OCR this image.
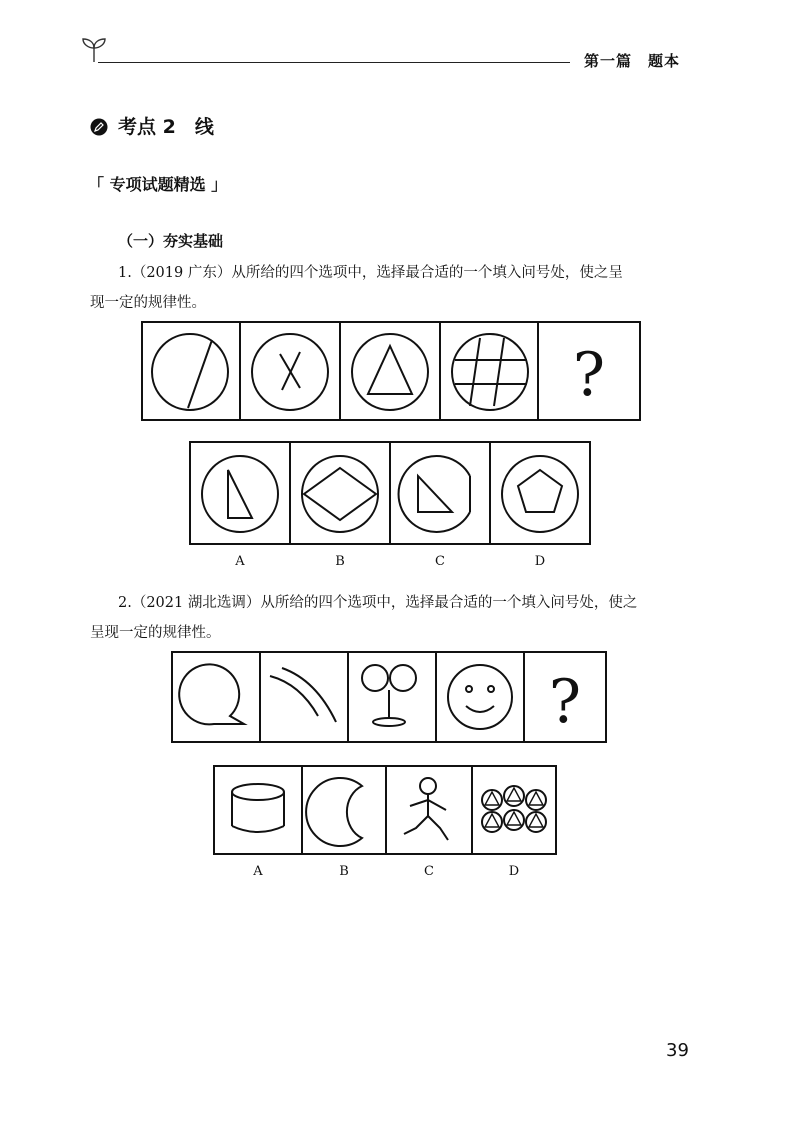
第一篇　题本
考点 2　线
「 专项试题精选 」
（一）夯实基础
1.（2019 广东）从所给的四个选项中，选择最合适的一个填入问号处，使之呈
现一定的规律性。
?
?
A	B	C	D
A	B	C	D
2.（2021 湖北选调）从所给的四个选项中，选择最合适的一个填入问号处，使之
呈现一定的规律性。
39
